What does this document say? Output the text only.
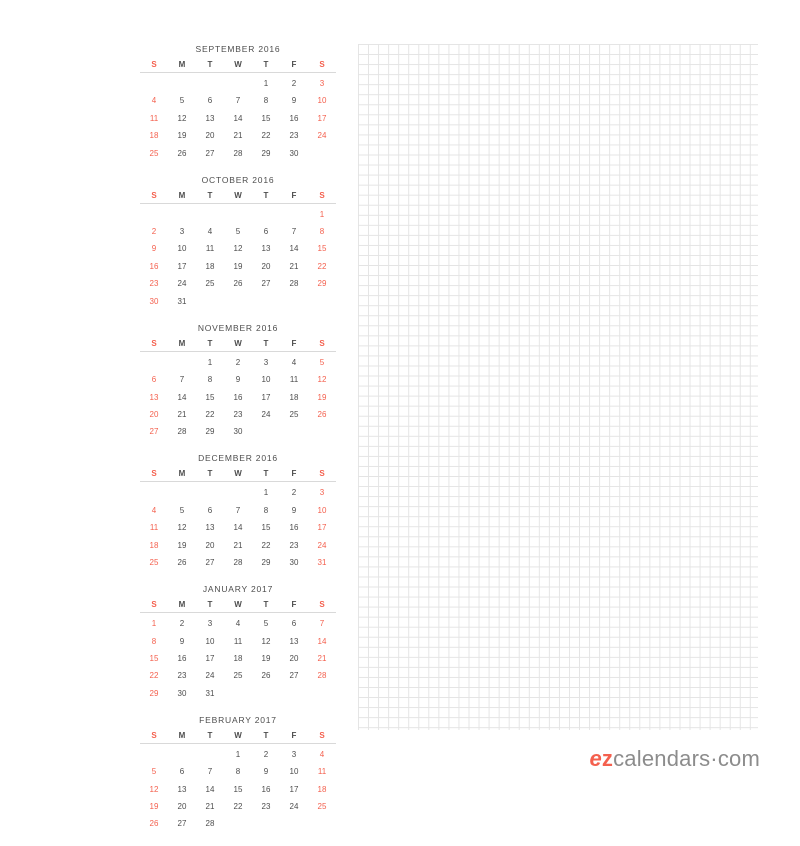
SEPTEMBER 2016
S	M	T	W	T	F	S
				1	2	3
4	5	6	7	8	9	10
11	12	13	14	15	16	17
18	19	20	21	22	23	24
25	26	27	28	29	30	
OCTOBER 2016
S	M	T	W	T	F	S
						1
2	3	4	5	6	7	8
9	10	11	12	13	14	15
16	17	18	19	20	21	22
23	24	25	26	27	28	29
30	31					
NOVEMBER 2016
S	M	T	W	T	F	S
		1	2	3	4	5
6	7	8	9	10	11	12
13	14	15	16	17	18	19
20	21	22	23	24	25	26
27	28	29	30			
DECEMBER 2016
S	M	T	W	T	F	S
				1	2	3
4	5	6	7	8	9	10
11	12	13	14	15	16	17
18	19	20	21	22	23	24
25	26	27	28	29	30	31
JANUARY 2017
S	M	T	W	T	F	S
1	2	3	4	5	6	7
8	9	10	11	12	13	14
15	16	17	18	19	20	21
22	23	24	25	26	27	28
29	30	31				
FEBRUARY 2017
S	M	T	W	T	F	S
			1	2	3	4
5	6	7	8	9	10	11
12	13	14	15	16	17	18
19	20	21	22	23	24	25
26	27	28				
ezcalendars·com
